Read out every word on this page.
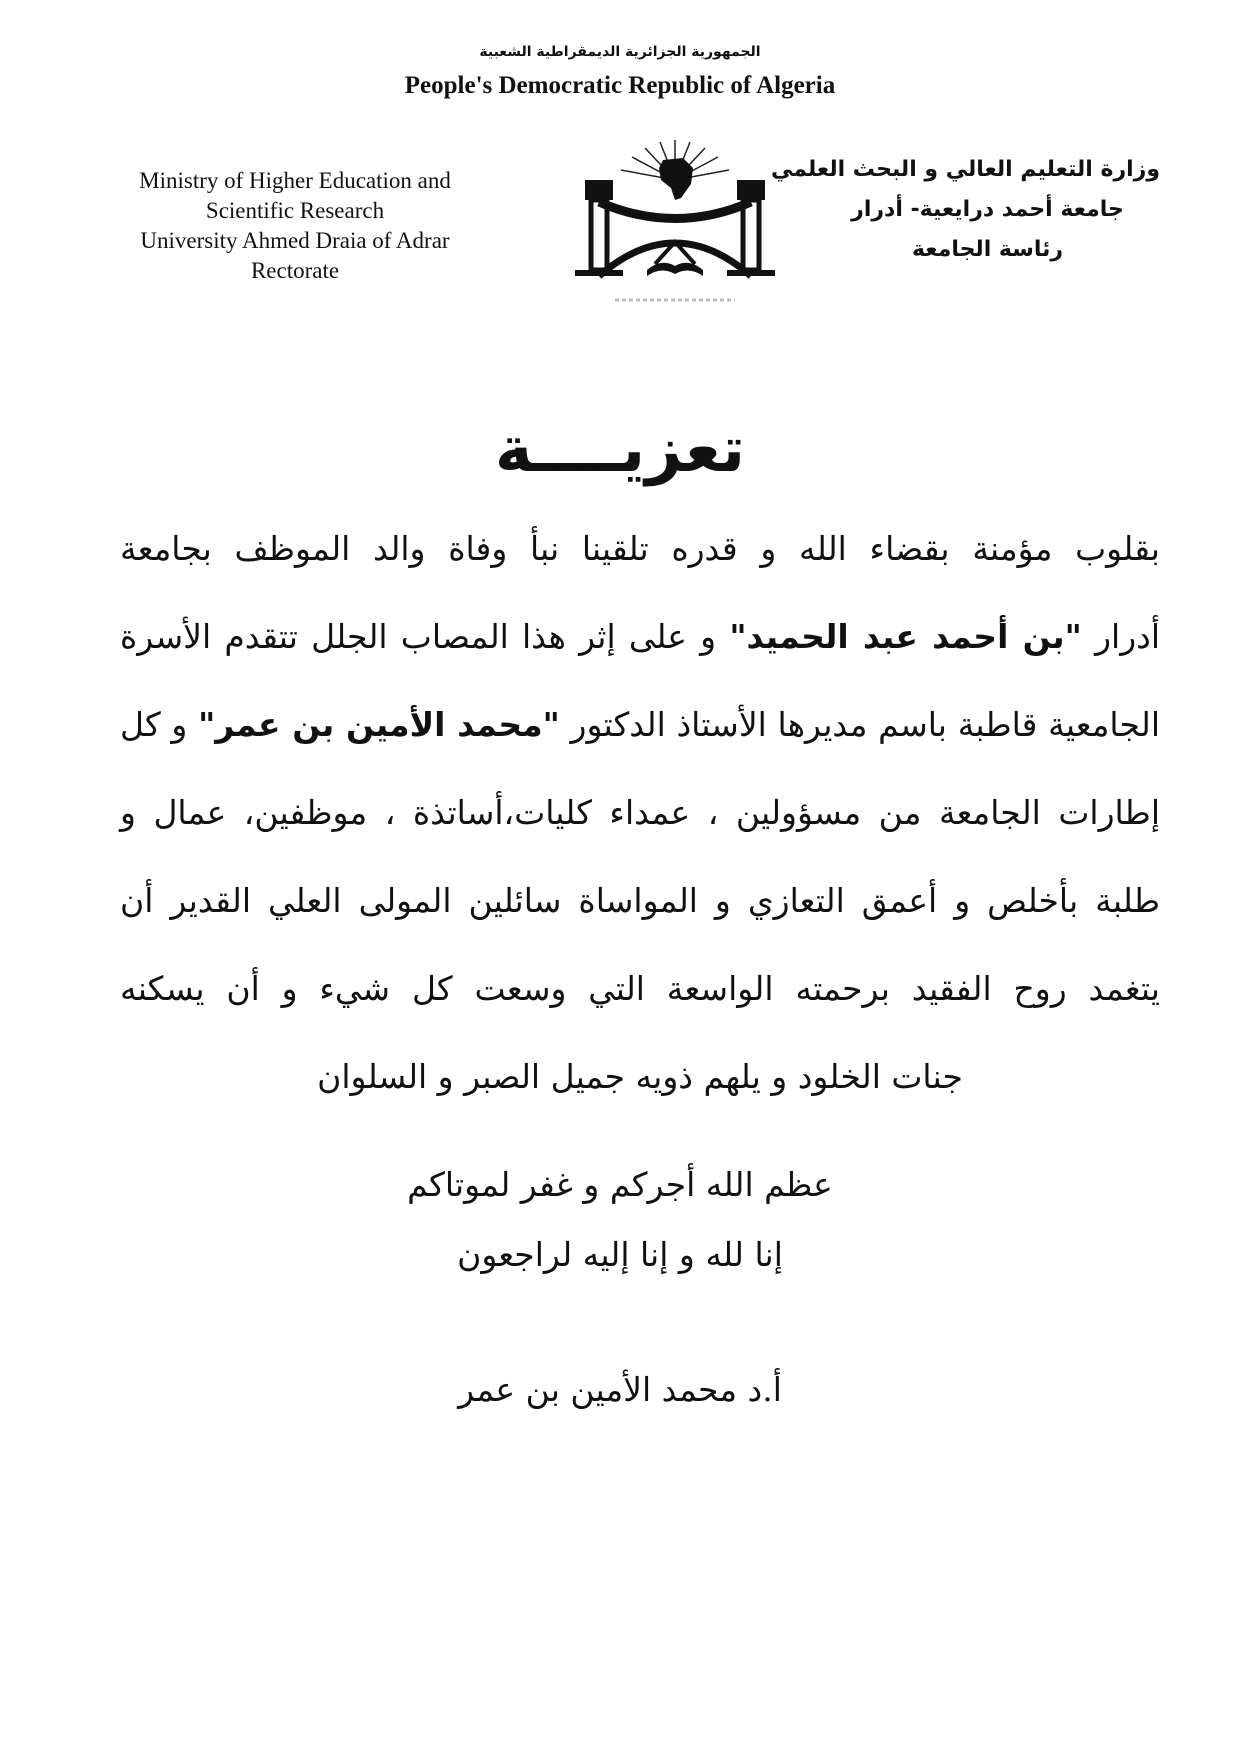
الجمهورية الجزائرية الديمقراطية الشعبية
People's Democratic Republic of Algeria
Ministry of Higher Education and
Scientific Research
University Ahmed Draia of Adrar
Rectorate
وزارة التعليم العالي و البحث العلمي
جامعة أحمد درايعية- أدرار
رئاسة الجامعة
تعزيــــة
بقلوب مؤمنة بقضاء الله و قدره تلقينا نبأ وفاة والد الموظف بجامعة
أدرار "بن أحمد عبد الحميد" و على إثر هذا المصاب الجلل تتقدم الأسرة
الجامعية قاطبة باسم مديرها الأستاذ الدكتور "محمد الأمين بن عمر" و كل
إطارات الجامعة من مسؤولين ، عمداء كليات،أساتذة ، موظفين، عمال و
طلبة بأخلص و أعمق التعازي و المواساة سائلين المولى العلي القدير أن
يتغمد روح الفقيد برحمته الواسعة التي وسعت كل شيء و أن يسكنه
جنات الخلود و يلهم ذويه جميل الصبر و السلوان
عظم الله أجركم و غفر لموتاكم
إنا لله و إنا إليه لراجعون
أ.د محمد الأمين بن عمر
